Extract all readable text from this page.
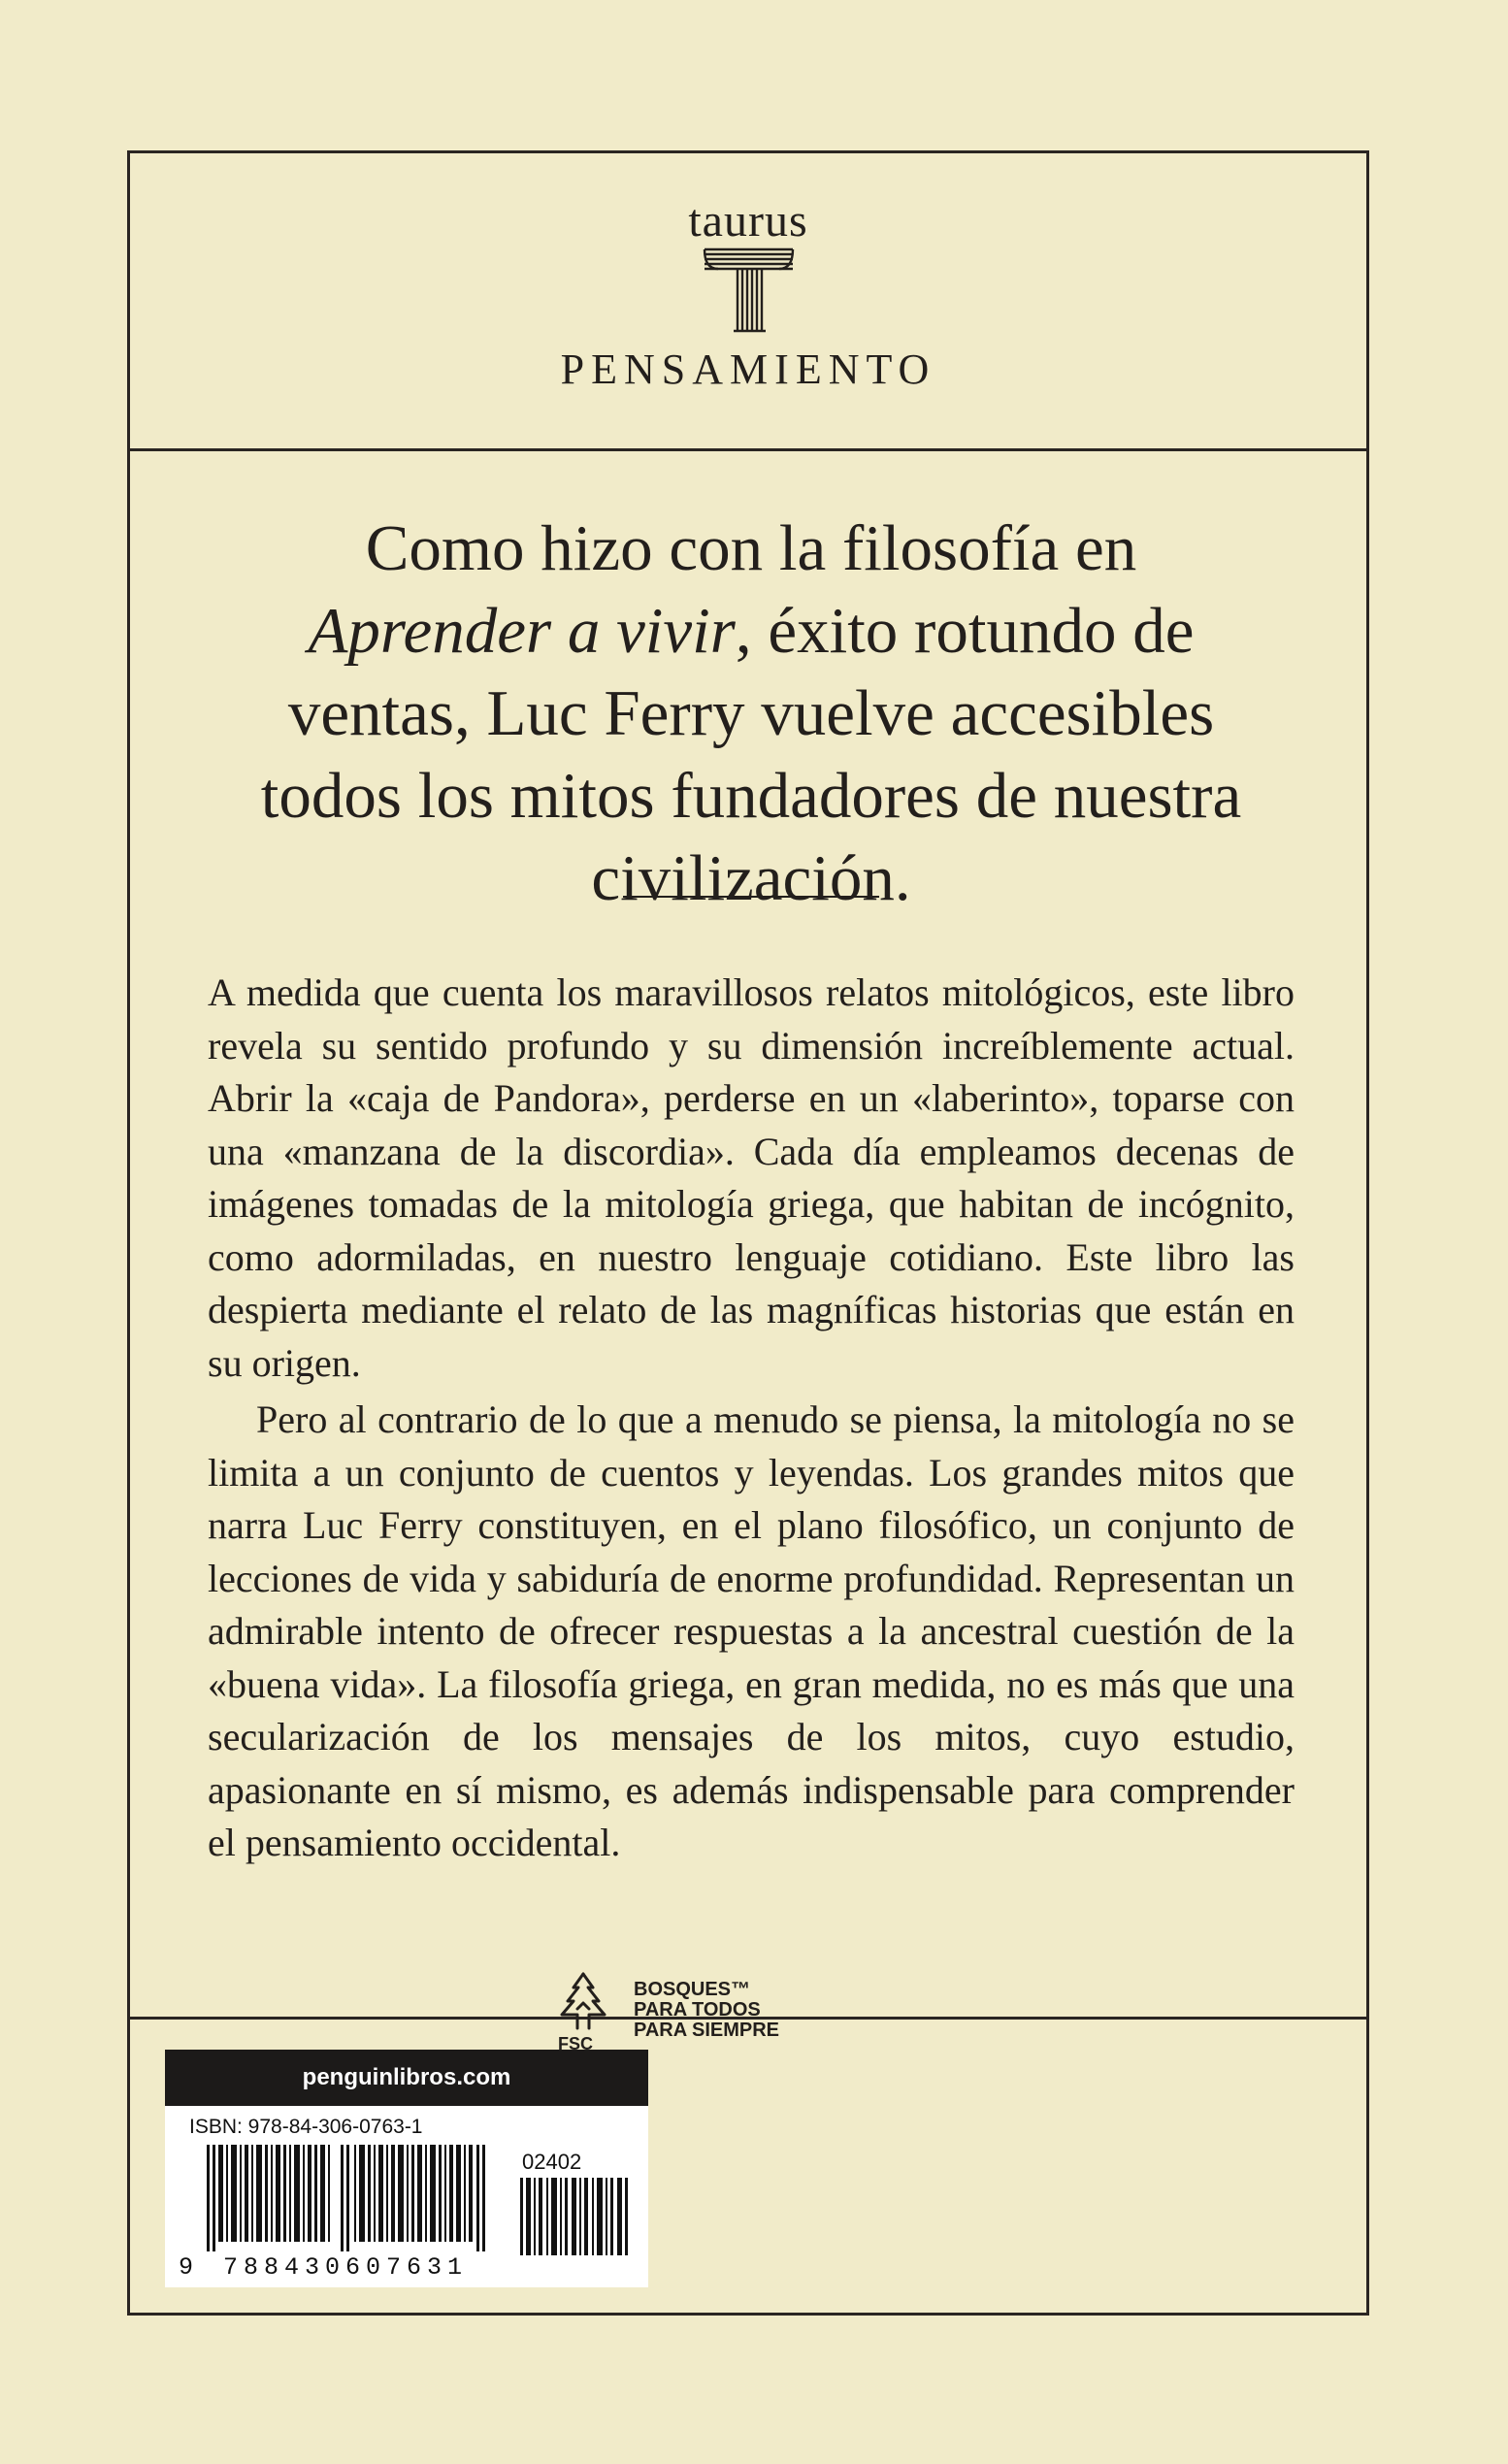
taurus
PENSAMIENTO

Como hizo con la filosofía en Aprender a vivir, éxito rotundo de ventas, Luc Ferry vuelve accesibles todos los mitos fundadores de nuestra civilización.

A medida que cuenta los maravillosos relatos mitológicos, este libro revela su sentido profundo y su dimensión increíblemente actual. Abrir la «caja de Pandora», perderse en un «laberinto», toparse con una «manzana de la discordia». Cada día empleamos decenas de imágenes tomadas de la mitología griega, que habitan de incógnito, como adormiladas, en nuestro lenguaje cotidiano. Este libro las despierta mediante el relato de las magníficas historias que están en su origen.

Pero al contrario de lo que a menudo se piensa, la mitología no se limita a un conjunto de cuentos y leyendas. Los grandes mitos que narra Luc Ferry constituyen, en el plano filosófico, un conjunto de lecciones de vida y sabiduría de enorme profundidad. Representan un admirable intento de ofrecer respuestas a la ancestral cuestión de la «buena vida». La filosofía griega, en gran medida, no es más que una secularización de los mensajes de los mitos, cuyo estudio, apasionante en sí mismo, es además indispensable para comprender el pensamiento occidental.

penguinlibros.com
ISBN: 978-84-306-0763-1
02402
9 788430607631
FSC
BOSQUES™
PARA TODOS
PARA SIEMPRE
